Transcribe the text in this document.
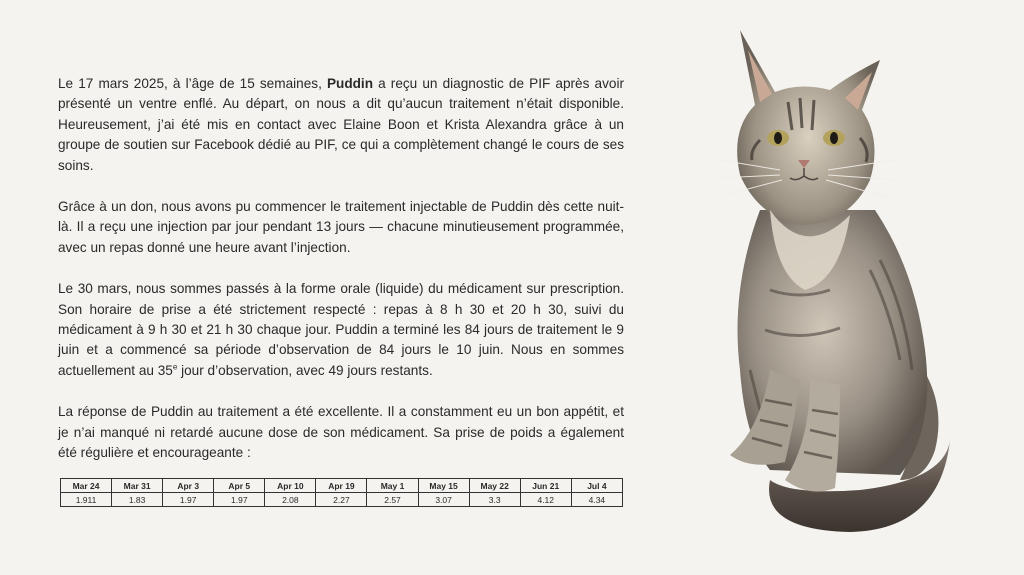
Le 17 mars 2025, à l’âge de 15 semaines, Puddin a reçu un diagnostic de PIF après avoir présenté un ventre enflé. Au départ, on nous a dit qu’aucun traitement n’était disponible. Heureusement, j’ai été mis en contact avec Elaine Boon et Krista Alexandra grâce à un groupe de soutien sur Facebook dédié au PIF, ce qui a complètement changé le cours de ses soins.

Grâce à un don, nous avons pu commencer le traitement injectable de Puddin dès cette nuit-là. Il a reçu une injection par jour pendant 13 jours — chacune minutieusement programmée, avec un repas donné une heure avant l’injection.

Le 30 mars, nous sommes passés à la forme orale (liquide) du médicament sur prescription. Son horaire de prise a été strictement respecté : repas à 8 h 30 et 20 h 30, suivi du médicament à 9 h 30 et 21 h 30 chaque jour. Puddin a terminé les 84 jours de traitement le 9 juin et a commencé sa période d’observation de 84 jours le 10 juin. Nous en sommes actuellement au 35e jour d’observation, avec 49 jours restants.

La réponse de Puddin au traitement a été excellente. Il a constamment eu un bon appétit, et je n’ai manqué ni retardé aucune dose de son médicament. Sa prise de poids a également été régulière et encourageante :

Mar 24	Mar 31	Apr 3	Apr 5	Apr 10	Apr 19	May 1	May 15	May 22	Jun 21	Jul 4
1.911	1.83	1.97	1.97	2.08	2.27	2.57	3.07	3.3	4.12	4.34
